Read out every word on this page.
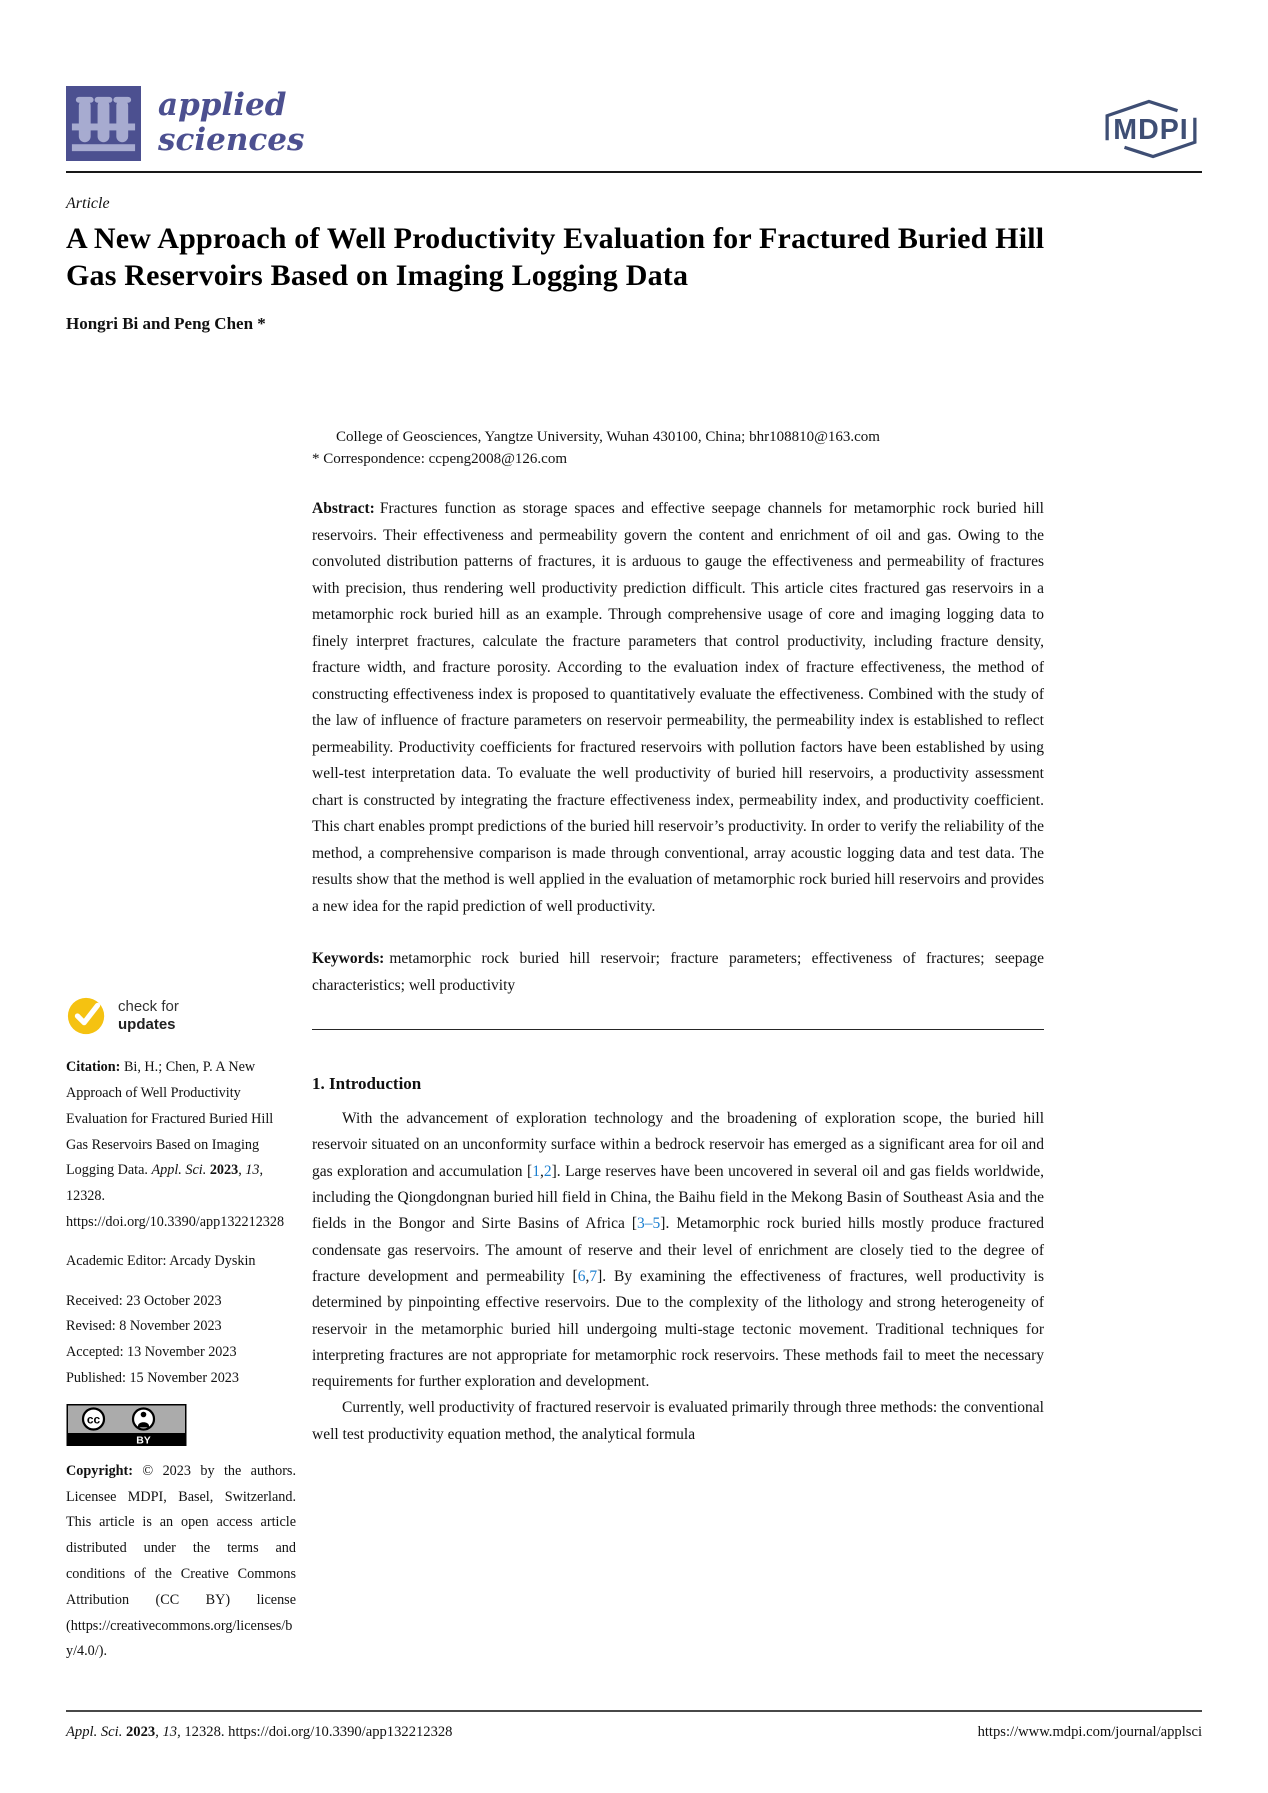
applied
sciences	MDPI

Article

A New Approach of Well Productivity Evaluation for Fractured Buried Hill Gas Reservoirs Based on Imaging Logging Data

Hongri Bi and Peng Chen *

check for
updates

Citation: Bi, H.; Chen, P. A New Approach of Well Productivity Evaluation for Fractured Buried Hill Gas Reservoirs Based on Imaging Logging Data. Appl. Sci. 2023, 13, 12328. https://doi.org/10.3390/app132212328

Academic Editor: Arcady Dyskin

Received: 23 October 2023

Revised: 8 November 2023

Accepted: 13 November 2023

Published: 15 November 2023

cc
BY

Copyright: © 2023 by the authors. Licensee MDPI, Basel, Switzerland. This article is an open access article distributed under the terms and conditions of the Creative Commons Attribution (CC BY) license (https://creativecommons.org/licenses/by/4.0/).

College of Geosciences, Yangtze University, Wuhan 430100, China; bhr108810@163.com

* Correspondence: ccpeng2008@126.com

Abstract: Fractures function as storage spaces and effective seepage channels for metamorphic rock buried hill reservoirs. Their effectiveness and permeability govern the content and enrichment of oil and gas. Owing to the convoluted distribution patterns of fractures, it is arduous to gauge the effectiveness and permeability of fractures with precision, thus rendering well productivity prediction difficult. This article cites fractured gas reservoirs in a metamorphic rock buried hill as an example. Through comprehensive usage of core and imaging logging data to finely interpret fractures, calculate the fracture parameters that control productivity, including fracture density, fracture width, and fracture porosity. According to the evaluation index of fracture effectiveness, the method of constructing effectiveness index is proposed to quantitatively evaluate the effectiveness. Combined with the study of the law of influence of fracture parameters on reservoir permeability, the permeability index is established to reflect permeability. Productivity coefficients for fractured reservoirs with pollution factors have been established by using well-test interpretation data. To evaluate the well productivity of buried hill reservoirs, a productivity assessment chart is constructed by integrating the fracture effectiveness index, permeability index, and productivity coefficient. This chart enables prompt predictions of the buried hill reservoir’s productivity. In order to verify the reliability of the method, a comprehensive comparison is made through conventional, array acoustic logging data and test data. The results show that the method is well applied in the evaluation of metamorphic rock buried hill reservoirs and provides a new idea for the rapid prediction of well productivity.

Keywords: metamorphic rock buried hill reservoir; fracture parameters; effectiveness of fractures; seepage characteristics; well productivity

1. Introduction

With the advancement of exploration technology and the broadening of exploration scope, the buried hill reservoir situated on an unconformity surface within a bedrock reservoir has emerged as a significant area for oil and gas exploration and accumulation [1,2]. Large reserves have been uncovered in several oil and gas fields worldwide, including the Qiongdongnan buried hill field in China, the Baihu field in the Mekong Basin of Southeast Asia and the fields in the Bongor and Sirte Basins of Africa [3–5]. Metamorphic rock buried hills mostly produce fractured condensate gas reservoirs. The amount of reserve and their level of enrichment are closely tied to the degree of fracture development and permeability [6,7]. By examining the effectiveness of fractures, well productivity is determined by pinpointing effective reservoirs. Due to the complexity of the lithology and strong heterogeneity of reservoir in the metamorphic buried hill undergoing multi-stage tectonic movement. Traditional techniques for interpreting fractures are not appropriate for metamorphic rock reservoirs. These methods fail to meet the necessary requirements for further exploration and development.

Currently, well productivity of fractured reservoir is evaluated primarily through three methods: the conventional well test productivity equation method, the analytical formula

Appl. Sci. 2023, 13, 12328. https://doi.org/10.3390/app132212328	https://www.mdpi.com/journal/applsci
